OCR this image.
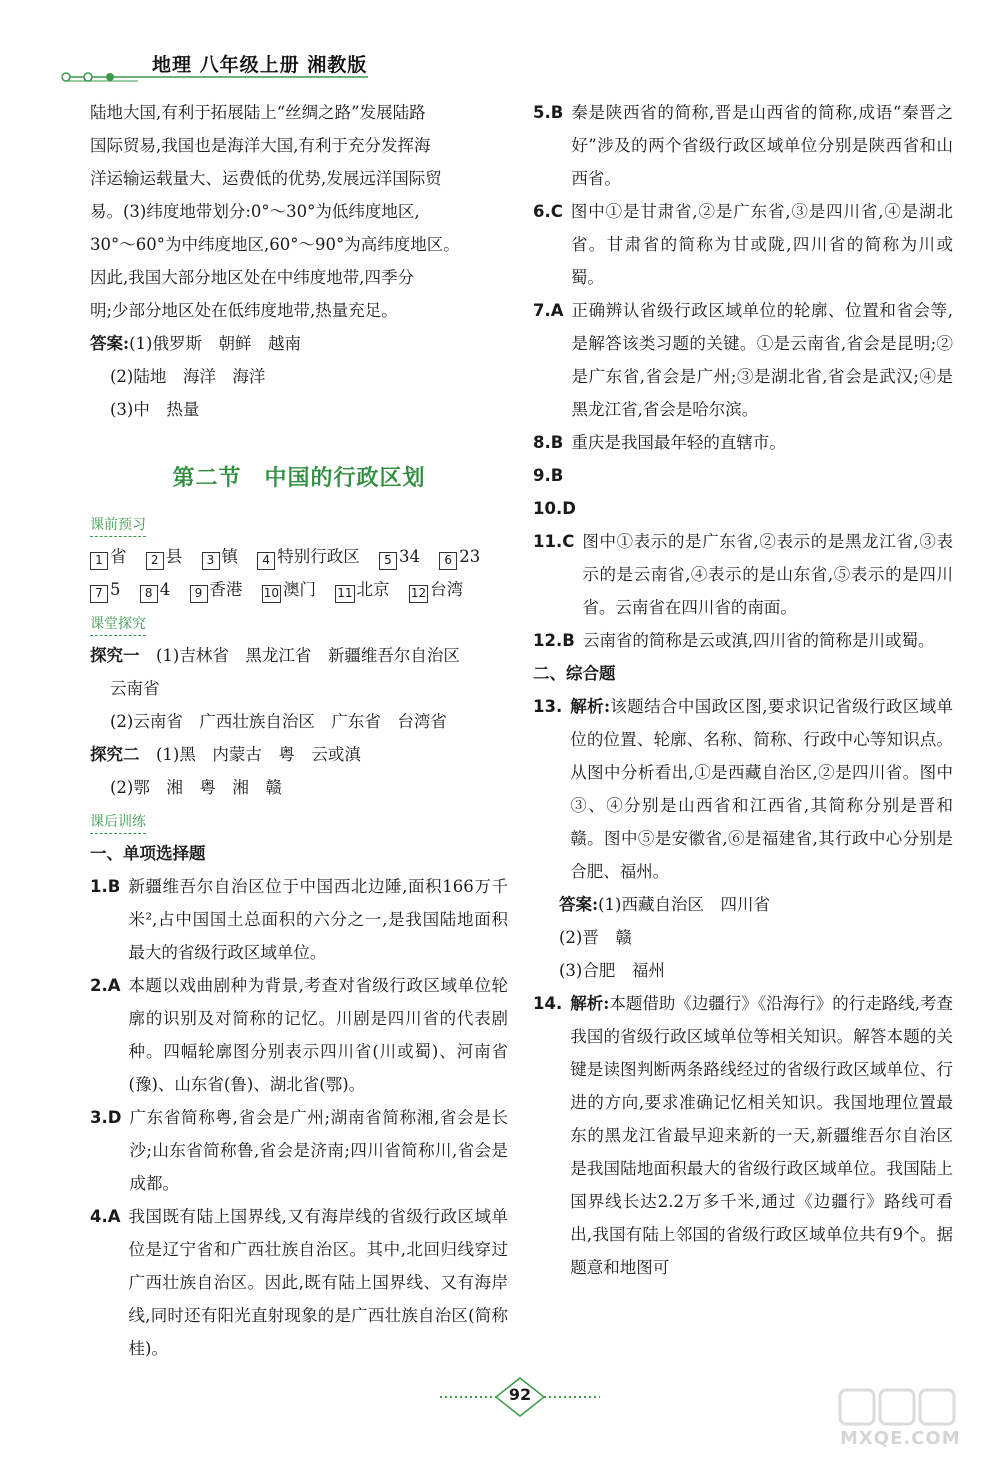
地理 八年级上册 湘教版

陆地大国,有利于拓展陆上“丝绸之路”发展陆路

国际贸易,我国也是海洋大国,有利于充分发挥海

洋运输运载量大、运费低的优势,发展远洋国际贸

易。(3)纬度地带划分:0°～30°为低纬度地区,

30°～60°为中纬度地区,60°～90°为高纬度地区。

因此,我国大部分地区处在中纬度地带,四季分

明;少部分地区处在低纬度地带,热量充足。

答案:(1)俄罗斯　朝鲜　越南

(2)陆地　海洋　海洋

(3)中　热量

第二节　中国的行政区划
课前预习

1 省 2 县 3 镇 4 特别行政区 5 34 6 23

7 5 8 4 9 香港 10 澳门 11 北京 12 台湾

课堂探究

探究一　 (1)吉林省　黑龙江省　新疆维吾尔自治区

云南省

(2)云南省　广西壮族自治区　广东省　台湾省

探究二　 (1)黑　内蒙古　粤　云或滇

(2)鄂　湘　粤　湘　赣

课后训练

一、单项选择题

1.B 新疆维吾尔自治区位于中国西北边陲,面积166万千米²,占中国国土总面积的六分之一,是我国陆地面积最大的省级行政区域单位。
2.A 本题以戏曲剧种为背景,考查对省级行政区域单位轮廓的识别及对简称的记忆。川剧是四川省的代表剧种。四幅轮廓图分别表示四川省(川或蜀)、河南省(豫)、山东省(鲁)、湖北省(鄂)。
3.D 广东省简称粤,省会是广州;湖南省简称湘,省会是长沙;山东省简称鲁,省会是济南;四川省简称川,省会是成都。
4.A 我国既有陆上国界线,又有海岸线的省级行政区域单位是辽宁省和广西壮族自治区。其中,北回归线穿过广西壮族自治区。因此,既有陆上国界线、又有海岸线,同时还有阳光直射现象的是广西壮族自治区(简称桂)。
5.B 秦是陕西省的简称,晋是山西省的简称,成语“秦晋之好”涉及的两个省级行政区域单位分别是陕西省和山西省。
6.C 图中①是甘肃省,②是广东省,③是四川省,④是湖北省。甘肃省的简称为甘或陇,四川省的简称为川或蜀。
7.A 正确辨认省级行政区域单位的轮廓、位置和省会等,是解答该类习题的关键。①是云南省,省会是昆明;②是广东省,省会是广州;③是湖北省,省会是武汉;④是黑龙江省,省会是哈尔滨。
8.B 重庆是我国最年轻的直辖市。
9.B
10.D
11.C 图中①表示的是广东省,②表示的是黑龙江省,③表示的是云南省,④表示的是山东省,⑤表示的是四川省。云南省在四川省的南面。
12.B 云南省的简称是云或滇,四川省的简称是川或蜀。

二、综合题

13. 解析:该题结合中国政区图,要求识记省级行政区域单位的位置、轮廓、名称、简称、行政中心等知识点。从图中分析看出,①是西藏自治区,②是四川省。图中③、④分别是山西省和江西省,其简称分别是晋和赣。图中⑤是安徽省,⑥是福建省,其行政中心分别是合肥、福州。

答案:(1)西藏自治区　四川省

(2)晋　赣

(3)合肥　福州

14. 解析:本题借助《边疆行》《沿海行》的行走路线,考查我国的省级行政区域单位等相关知识。解答本题的关键是读图判断两条路线经过的省级行政区域单位、行进的方向,要求准确记忆相关知识。我国地理位置最东的黑龙江省最早迎来新的一天,新疆维吾尔自治区是我国陆地面积最大的省级行政区域单位。我国陆上国界线长达2.2万多千米,通过《边疆行》路线可看出,我国有陆上邻国的省级行政区域单位共有9个。据题意和地图可
92
MXQE.COM
